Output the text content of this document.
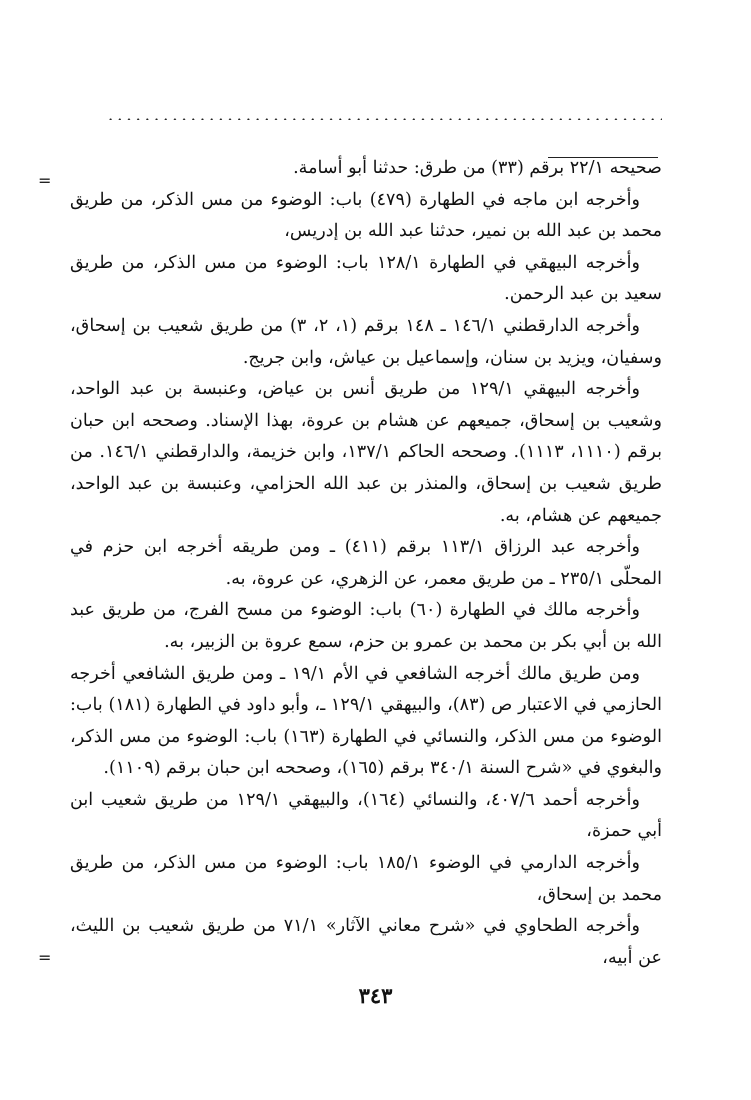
=
=

صحيحه ٢٢/١ برقم (٣٣) من طرق: حدثنا أبو أسامة.

وأخرجه ابن ماجه في الطهارة (٤٧٩) باب: الوضوء من مس الذكر، من طريق محمد بن عبد الله بن نمير، حدثنا عبد الله بن إدريس،

وأخرجه البيهقي في الطهارة ١٢٨/١ باب: الوضوء من مس الذكر، من طريق سعيد بن عبد الرحمن.

وأخرجه الدارقطني ١٤٦/١ ـ ١٤٨ برقم (١، ٢، ٣) من طريق شعيب بن إسحاق، وسفيان، ويزيد بن سنان، وإسماعيل بن عياش، وابن جريج.

وأخرجه البيهقي ١٢٩/١ من طريق أنس بن عياض، وعنبسة بن عبد الواحد، وشعيب بن إسحاق، جميعهم عن هشام بن عروة، بهذا الإسناد. وصححه ابن حبان برقم (١١١٠، ١١١٣). وصححه الحاكم ١٣٧/١، وابن خزيمة، والدارقطني ١٤٦/١. من طريق شعيب بن إسحاق، والمنذر بن عبد الله الحزامي، وعنبسة بن عبد الواحد، جميعهم عن هشام، به.

وأخرجه عبد الرزاق ١١٣/١ برقم (٤١١) ـ ومن طريقه أخرجه ابن حزم في المحلّى ٢٣٥/١ ـ من طريق معمر، عن الزهري، عن عروة، به.

وأخرجه مالك في الطهارة (٦٠) باب: الوضوء من مسح الفرج، من طريق عبد الله بن أبي بكر بن محمد بن عمرو بن حزم، سمع عروة بن الزبير، به.

ومن طريق مالك أخرجه الشافعي في الأم ١٩/١ ـ ومن طريق الشافعي أخرجه الحازمي في الاعتبار ص (٨٣)، والبيهقي ١٢٩/١ ـ، وأبو داود في الطهارة (١٨١) باب: الوضوء من مس الذكر، والنسائي في الطهارة (١٦٣) باب: الوضوء من مس الذكر، والبغوي في «شرح السنة ٣٤٠/١ برقم (١٦٥)، وصححه ابن حبان برقم (١١٠٩).

وأخرجه أحمد ٤٠٧/٦، والنسائي (١٦٤)، والبيهقي ١٢٩/١ من طريق شعيب ابن أبي حمزة،

وأخرجه الدارمي في الوضوء ١٨٥/١ باب: الوضوء من مس الذكر، من طريق محمد بن إسحاق،

وأخرجه الطحاوي في «شرح معاني الآثار» ٧١/١ من طريق شعيب بن الليث، عن أبيه،

٣٤٣
